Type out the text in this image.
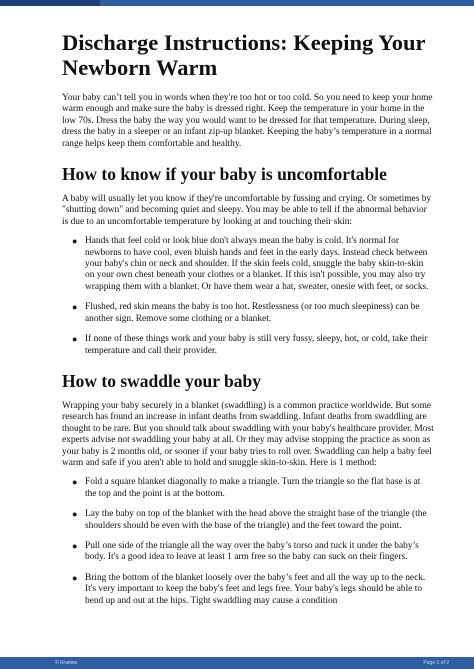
Discharge Instructions: Keeping Your Newborn Warm

Your baby can’t tell you in words when they're too hot or too cold. So you need to keep your home warm enough and make sure the baby is dressed right. Keep the temperature in your home in the low 70s. Dress the baby the way you would want to be dressed for that temperature. During sleep, dress the baby in a sleeper or an infant zip-up blanket. Keeping the baby’s temperature in a normal range helps keep them comfortable and healthy.

How to know if your baby is uncomfortable

A baby will usually let you know if they're uncomfortable by fussing and crying. Or sometimes by "shutting down" and becoming quiet and sleepy. You may be able to tell if the abnormal behavior is due to an uncomfortable temperature by looking at and touching their skin:

● Hands that feel cold or look blue don't always mean the baby is cold. It's normal for newborns to have cool, even bluish hands and feet in the early days. Instead check between your baby's chin or neck and shoulder. If the skin feels cold, snuggle the baby skin-to-skin on your own chest beneath your clothes or a blanket. If this isn't possible, you may also try wrapping them with a blanket. Or have them wear a hat, sweater, onesie with feet, or socks.
● Flushed, red skin means the baby is too hot. Restlessness (or too much sleepiness) can be another sign. Remove some clothing or a blanket.
● If none of these things work and your baby is still very fussy, sleepy, hot, or cold, take their temperature and call their provider.
How to swaddle your baby

Wrapping your baby securely in a blanket (swaddling) is a common practice worldwide. But some research has found an increase in infant deaths from swaddling. Infant deaths from swaddling are thought to be rare. But you should talk about swaddling with your baby's healthcare provider. Most experts advise not swaddling your baby at all. Or they may advise stopping the practice as soon as your baby is 2 months old, or sooner if your baby tries to roll over. Swaddling can help a baby feel warm and safe if you aren't able to hold and snuggle skin-to-skin. Here is 1 method:

● Fold a square blanket diagonally to make a triangle. Turn the triangle so the flat base is at the top and the point is at the bottom.
● Lay the baby on top of the blanket with the head above the straight base of the triangle (the shoulders should be even with the base of the triangle) and the feet toward the point.
● Pull one side of the triangle all the way over the baby’s torso and tuck it under the baby’s body. It's a good idea to leave at least 1 arm free so the baby can suck on their fingers.
● Bring the bottom of the blanket loosely over the baby’s feet and all the way up to the neck. It's very important to keep the baby's feet and legs free. Your baby's legs should be able to bend up and out at the hips. Tight swaddling may cause a condition
© Krames	Page 1 of 2
